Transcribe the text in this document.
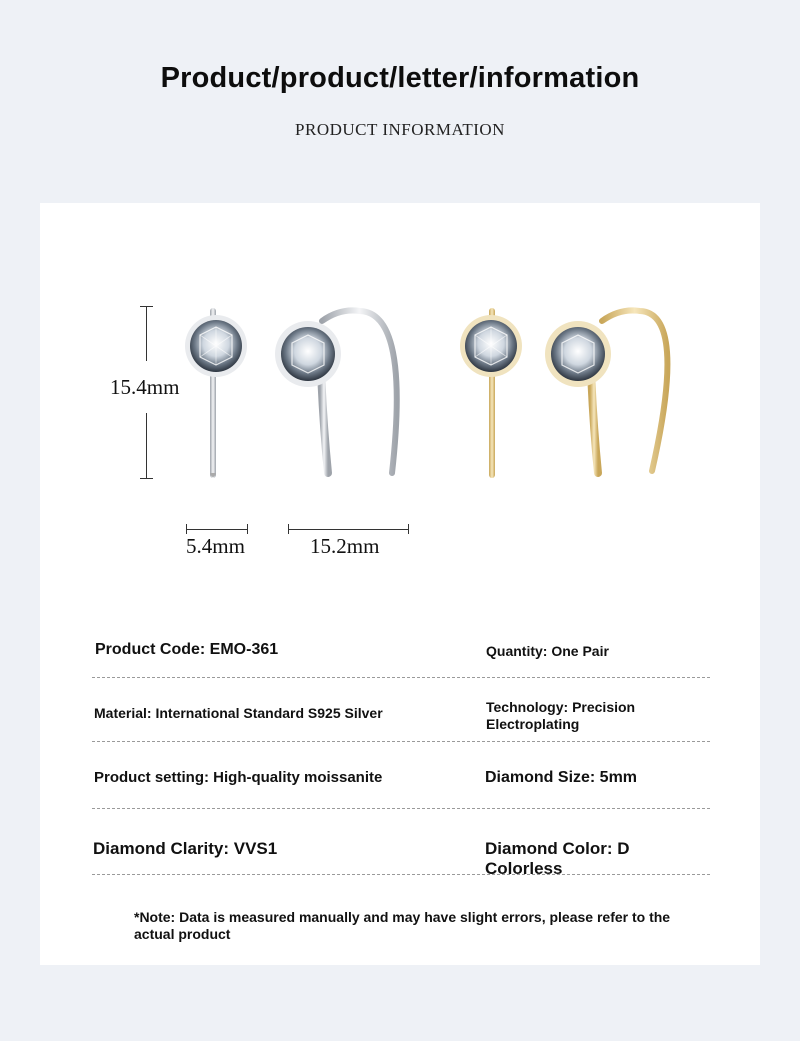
Product/product/letter/information
PRODUCT INFORMATION
15.4mm
5.4mm	15.2mm
Product Code: EMO-361	Quantity: One Pair
Material: International Standard S925 Silver	Technology: Precision Electroplating
Product setting: High-quality moissanite	Diamond Size: 5mm
Diamond Clarity: VVS1	Diamond Color: D Colorless
*Note: Data is measured manually and may have slight errors, please refer to the actual product
